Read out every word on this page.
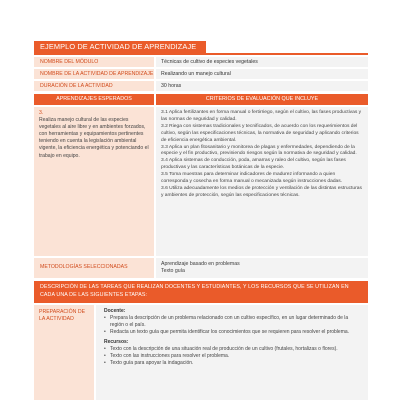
EJEMPLO DE ACTIVIDAD DE APRENDIZAJE
NOMBRE DEL MÓDULO	Técnicas de cultivo de especies vegetales
NOMBRE DE LA ACTIVIDAD DE APRENDIZAJE	Realizando un manejo cultural
DURACIÓN DE LA ACTIVIDAD	30 horas
APRENDIZAJES ESPERADOS	CRITERIOS DE EVALUACIÓN QUE INCLUYE
3.
Realiza manejo cultural de las especies vegetales al aire libre y en ambientes forzados, con herramientas y equipamientos pertinentes teniendo en cuenta la legislación ambiental vigente, la eficiencia energética y potenciando el trabajo en equipo.
3.1 Aplica fertilizantes en forma manual o fertirriego, según el cultivo, las fases productivas y las normas de seguridad y calidad.
3.2 Riega con sistemas tradicionales y tecnificados, de acuerdo con los requerimientos del cultivo, según las especificaciones técnicas, la normativa de seguridad y aplicando criterios de eficiencia energética ambiental.
3.3 Aplica un plan fitosanitario y monitorea de plagas y enfermedades, dependiendo de la especie y el fin productivo, previniendo riesgos según la normativa de seguridad y calidad.
3.4 Aplica sistemas de conducción, poda, amarras y raleo del cultivo, según las fases productivas y las características botánicas de la especie.
3.5 Toma muestras para determinar indicadores de madurez informando a quien corresponda y cosecha en forma manual o mecanizada según instrucciones dadas.
3.6 Utiliza adecuadamente los medios de protección y ventilación de las distintas estructuras y ambientes de protección, según las especificaciones técnicas.
METODOLOGÍAS SELECCIONADAS	Aprendizaje basado en problemas
Texto guía
DESCRIPCIÓN DE LAS TAREAS QUE REALIZAN DOCENTES Y ESTUDIANTES, Y LOS RECURSOS QUE SE UTILIZAN EN CADA UNA DE LAS SIGUIENTES ETAPAS:
PREPARACIÓN DE LA ACTIVIDAD
Docente:
• Prepara la descripción de un problema relacionado con un cultivo específico, en un lugar determinado de la región o el país.
• Redacta un texto guía que permita identificar los conocimientos que se requieren para resolver el problema.
Recursos:
• Texto con la descripción de una situación real de producción de un cultivo (frutales, hortalizas o flores).
• Texto con las instrucciones para resolver el problema.
• Texto guía para apoyar la indagación.
